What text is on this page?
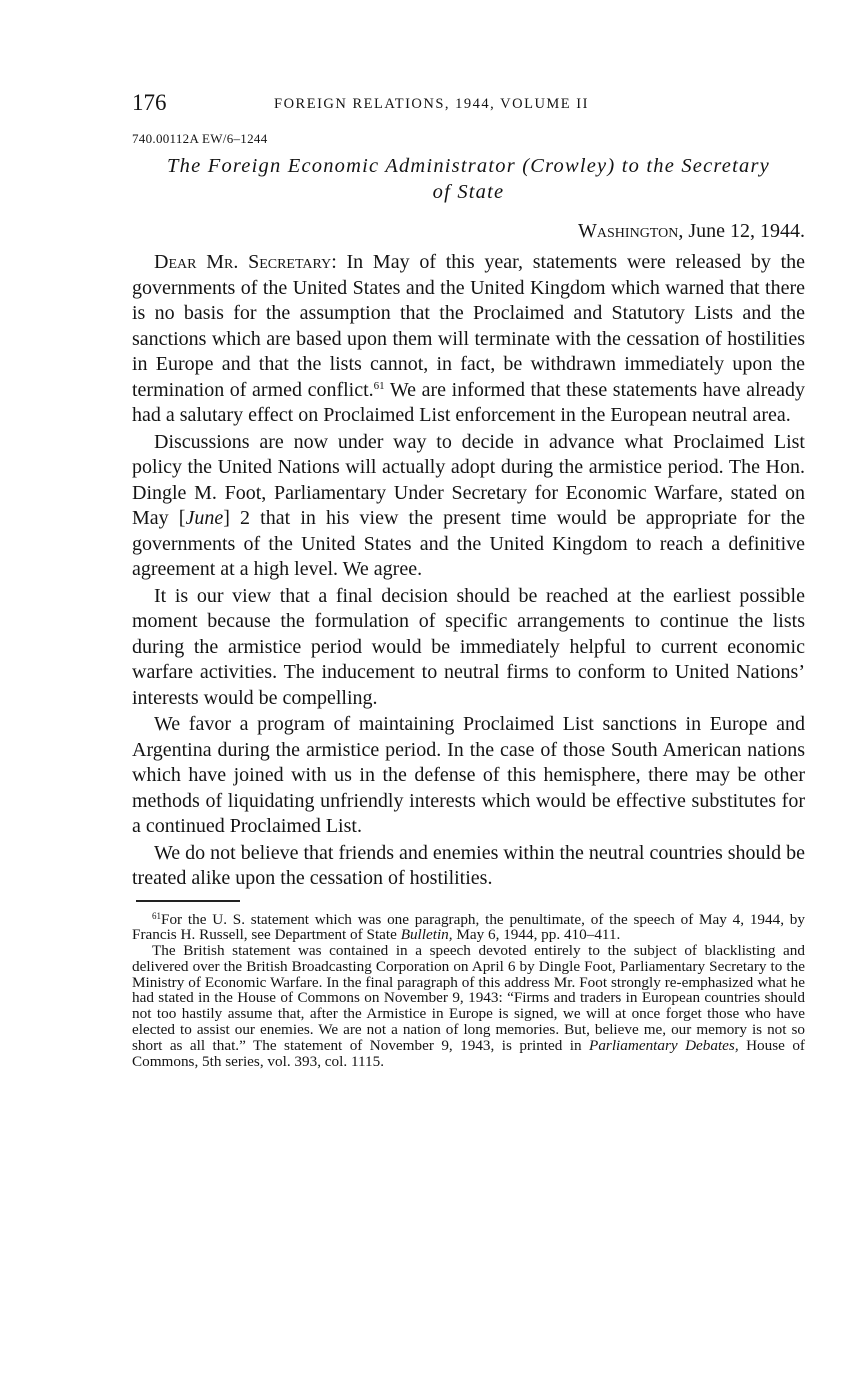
176	FOREIGN RELATIONS, 1944, VOLUME II
740.00112A EW/6–1244
The Foreign Economic Administrator (Crowley) to the Secretary
of State
Washington, June 12, 1944.

Dear Mr. Secretary: In May of this year, statements were released by the governments of the United States and the United Kingdom which warned that there is no basis for the assumption that the Proclaimed and Statutory Lists and the sanctions which are based upon them will terminate with the cessation of hostilities in Europe and that the lists cannot, in fact, be withdrawn immediately upon the termination of armed conflict.$^{61}$ We are informed that these statements have already had a salutary effect on Proclaimed List enforcement in the European neutral area.

Discussions are now under way to decide in advance what Proclaimed List policy the United Nations will actually adopt during the armistice period. The Hon. Dingle M. Foot, Parliamentary Under Secretary for Economic Warfare, stated on May [June] 2 that in his view the present time would be appropriate for the governments of the United States and the United Kingdom to reach a definitive agreement at a high level. We agree.

It is our view that a final decision should be reached at the earliest possible moment because the formulation of specific arrangements to continue the lists during the armistice period would be immediately helpful to current economic warfare activities. The inducement to neutral firms to conform to United Nations’ interests would be compelling.

We favor a program of maintaining Proclaimed List sanctions in Europe and Argentina during the armistice period. In the case of those South American nations which have joined with us in the defense of this hemisphere, there may be other methods of liquidating unfriendly interests which would be effective substitutes for a continued Proclaimed List.

We do not believe that friends and enemies within the neutral countries should be treated alike upon the cessation of hostilities.

$^{61}$For the U. S. statement which was one paragraph, the penultimate, of the speech of May 4, 1944, by Francis H. Russell, see Department of State Bulletin, May 6, 1944, pp. 410–411.

The British statement was contained in a speech devoted entirely to the subject of blacklisting and delivered over the British Broadcasting Corporation on April 6 by Dingle Foot, Parliamentary Secretary to the Ministry of Economic Warfare. In the final paragraph of this address Mr. Foot strongly re-emphasized what he had stated in the House of Commons on November 9, 1943: “Firms and traders in European countries should not too hastily assume that, after the Armistice in Europe is signed, we will at once forget those who have elected to assist our enemies. We are not a nation of long memories. But, believe me, our memory is not so short as all that.” The statement of November 9, 1943, is printed in Parliamentary Debates, House of Commons, 5th series, vol. 393, col. 1115.
